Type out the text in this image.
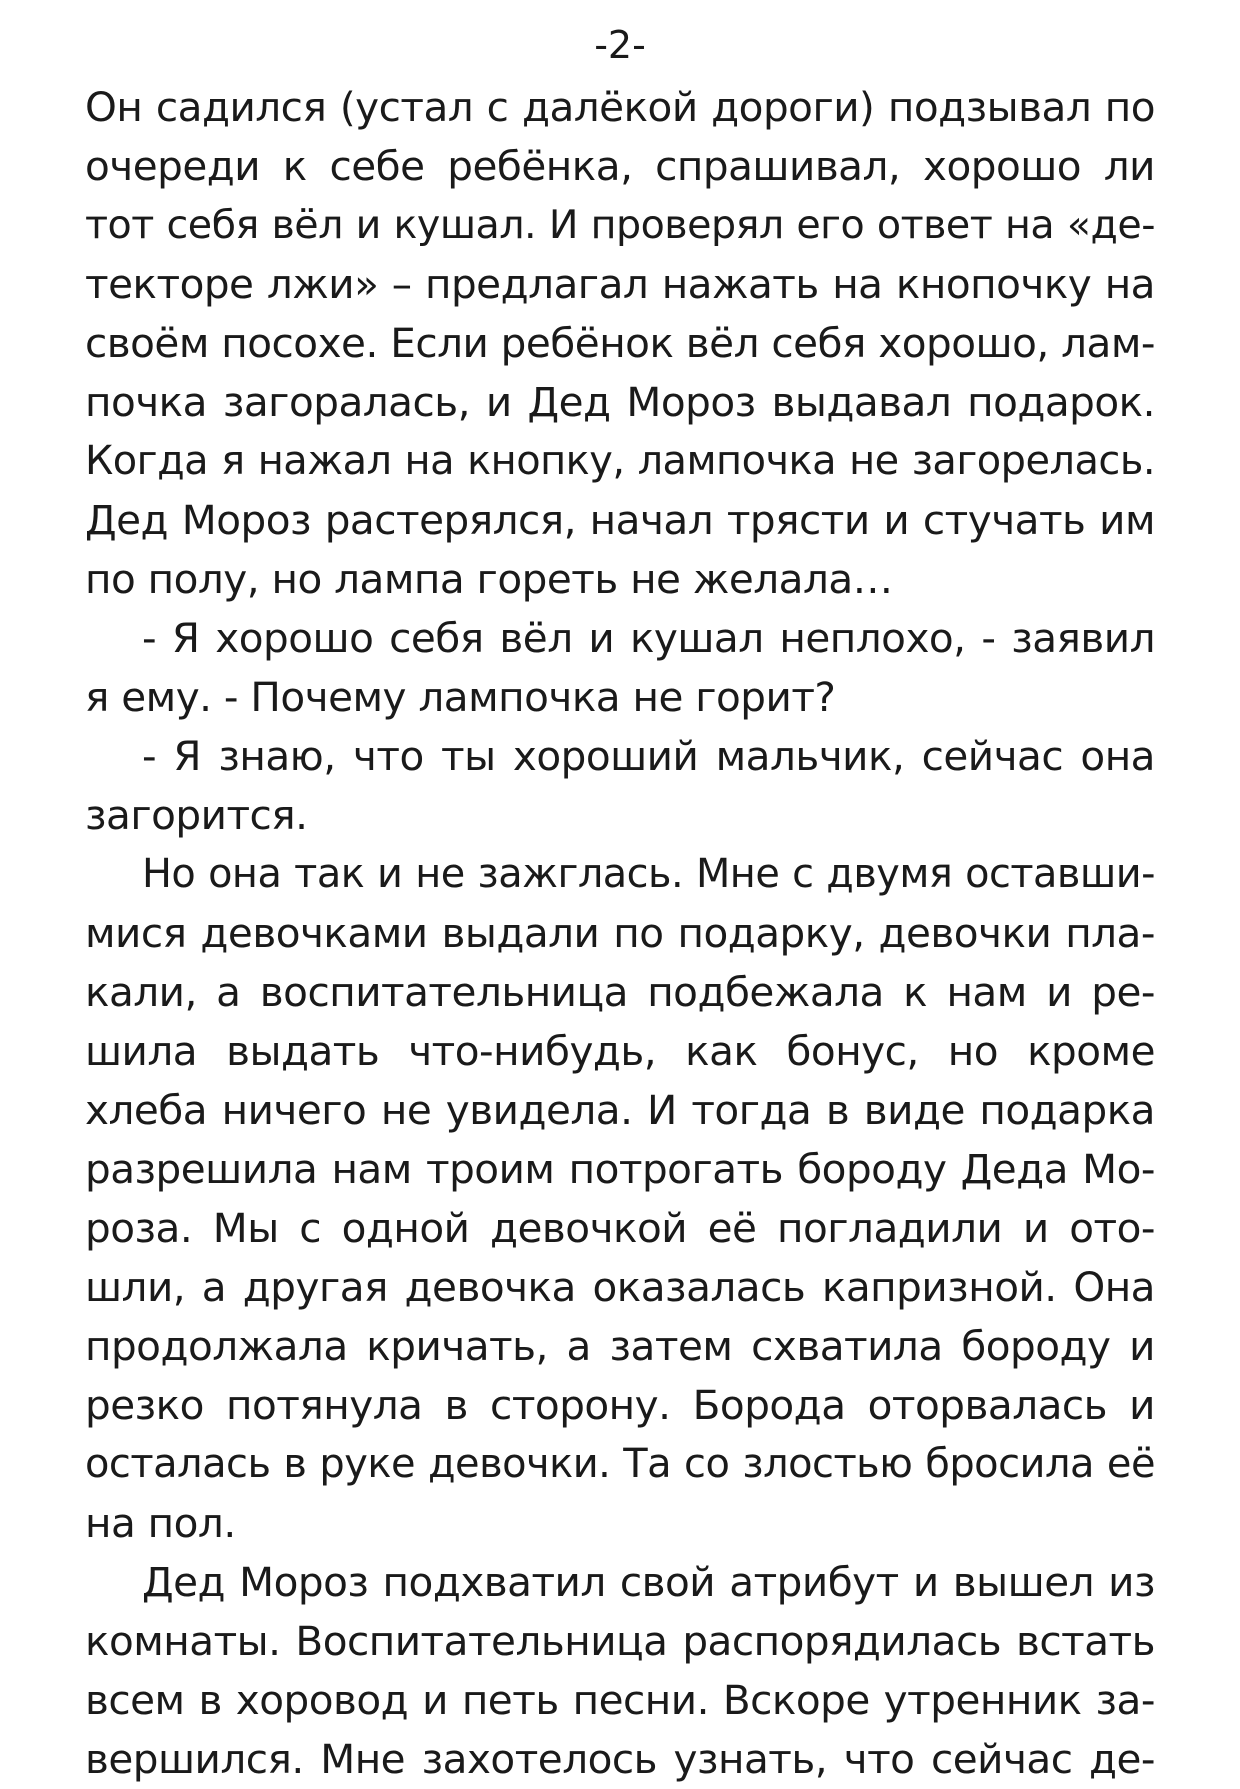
-2-
Он садился (устал с далёкой дороги) подзывал по
очереди к себе ребёнка, спрашивал, хорошо ли
тот себя вёл и кушал. И проверял его ответ на «де-
текторе лжи» – предлагал нажать на кнопочку на
своём посохе. Если ребёнок вёл себя хорошо, лам-
почка загоралась, и Дед Мороз выдавал подарок.
Когда я нажал на кнопку, лампочка не загорелась.
Дед Мороз растерялся, начал трясти и стучать им
по полу, но лампа гореть не желала…
- Я хорошо себя вёл и кушал неплохо, - заявил
я ему. - Почему лампочка не горит?
- Я знаю, что ты хороший мальчик, сейчас она
загорится.
Но она так и не зажглась. Мне с двумя оставши-
мися девочками выдали по подарку, девочки пла-
кали, а воспитательница подбежала к нам и ре-
шила выдать что-нибудь, как бонус, но кроме
хлеба ничего не увидела. И тогда в виде подарка
разрешила нам троим потрогать бороду Деда Мо-
роза. Мы с одной девочкой её погладили и ото-
шли, а другая девочка оказалась капризной. Она
продолжала кричать, а затем схватила бороду и
резко потянула в сторону. Борода оторвалась и
осталась в руке девочки. Та со злостью бросила её
на пол.
Дед Мороз подхватил свой атрибут и вышел из
комнаты. Воспитательница распорядилась встать
всем в хоровод и петь песни. Вскоре утренник за-
вершился. Мне захотелось узнать, что сейчас де-
